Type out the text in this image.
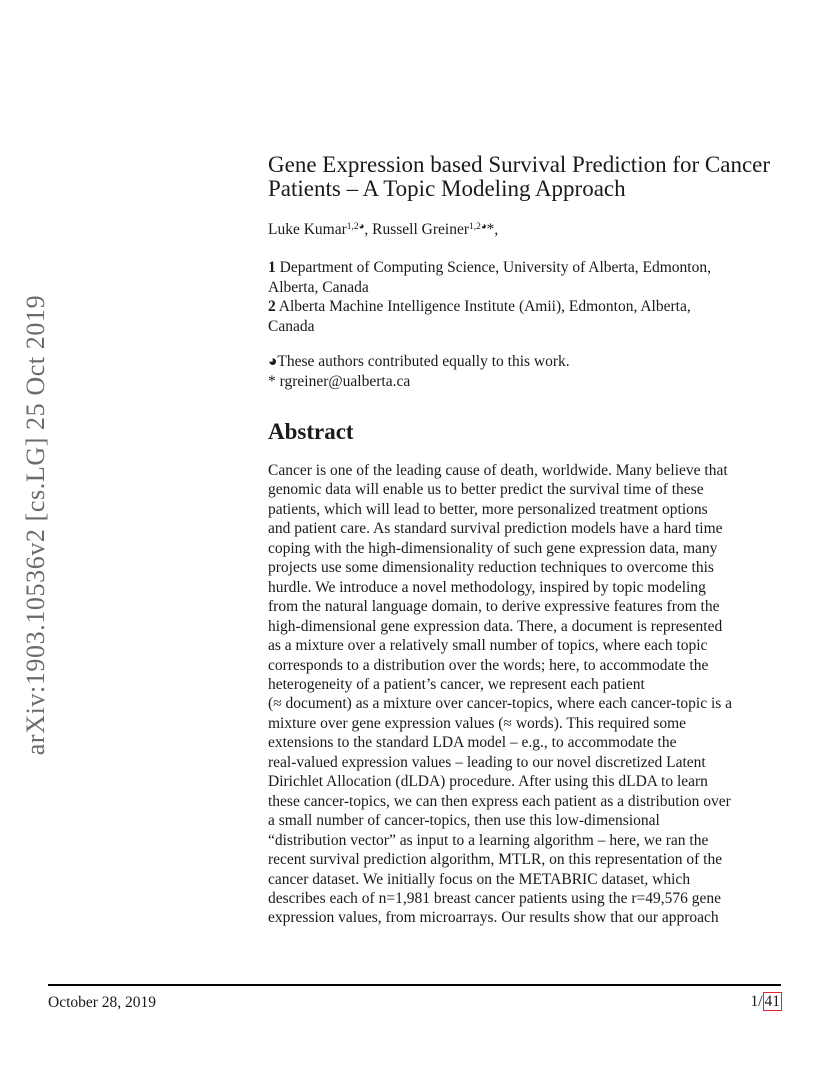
arXiv:1903.10536v2 [cs.LG] 25 Oct 2019
Gene Expression based Survival Prediction for Cancer
Patients – A Topic Modeling Approach
Luke Kumar$^{1,2◕}$, Russell Greiner$^{1,2◕}$*,
1 Department of Computing Science, University of Alberta, Edmonton,
Alberta, Canada
2 Alberta Machine Intelligence Institute (Amii), Edmonton, Alberta,
Canada
◕These authors contributed equally to this work.
* rgreiner@ualberta.ca
Abstract
Cancer is one of the leading cause of death, worldwide. Many believe that
genomic data will enable us to better predict the survival time of these
patients, which will lead to better, more personalized treatment options
and patient care. As standard survival prediction models have a hard time
coping with the high-dimensionality of such gene expression data, many
projects use some dimensionality reduction techniques to overcome this
hurdle. We introduce a novel methodology, inspired by topic modeling
from the natural language domain, to derive expressive features from the
high-dimensional gene expression data. There, a document is represented
as a mixture over a relatively small number of topics, where each topic
corresponds to a distribution over the words; here, to accommodate the
heterogeneity of a patient’s cancer, we represent each patient
(≈ document) as a mixture over cancer-topics, where each cancer-topic is a
mixture over gene expression values (≈ words). This required some
extensions to the standard LDA model – e.g., to accommodate the
real-valued expression values – leading to our novel discretized Latent
Dirichlet Allocation (dLDA) procedure. After using this dLDA to learn
these cancer-topics, we can then express each patient as a distribution over
a small number of cancer-topics, then use this low-dimensional
“distribution vector” as input to a learning algorithm – here, we ran the
recent survival prediction algorithm, MTLR, on this representation of the
cancer dataset. We initially focus on the METABRIC dataset, which
describes each of n=1,981 breast cancer patients using the r=49,576 gene
expression values, from microarrays. Our results show that our approach
October 28, 2019	1/ 41
